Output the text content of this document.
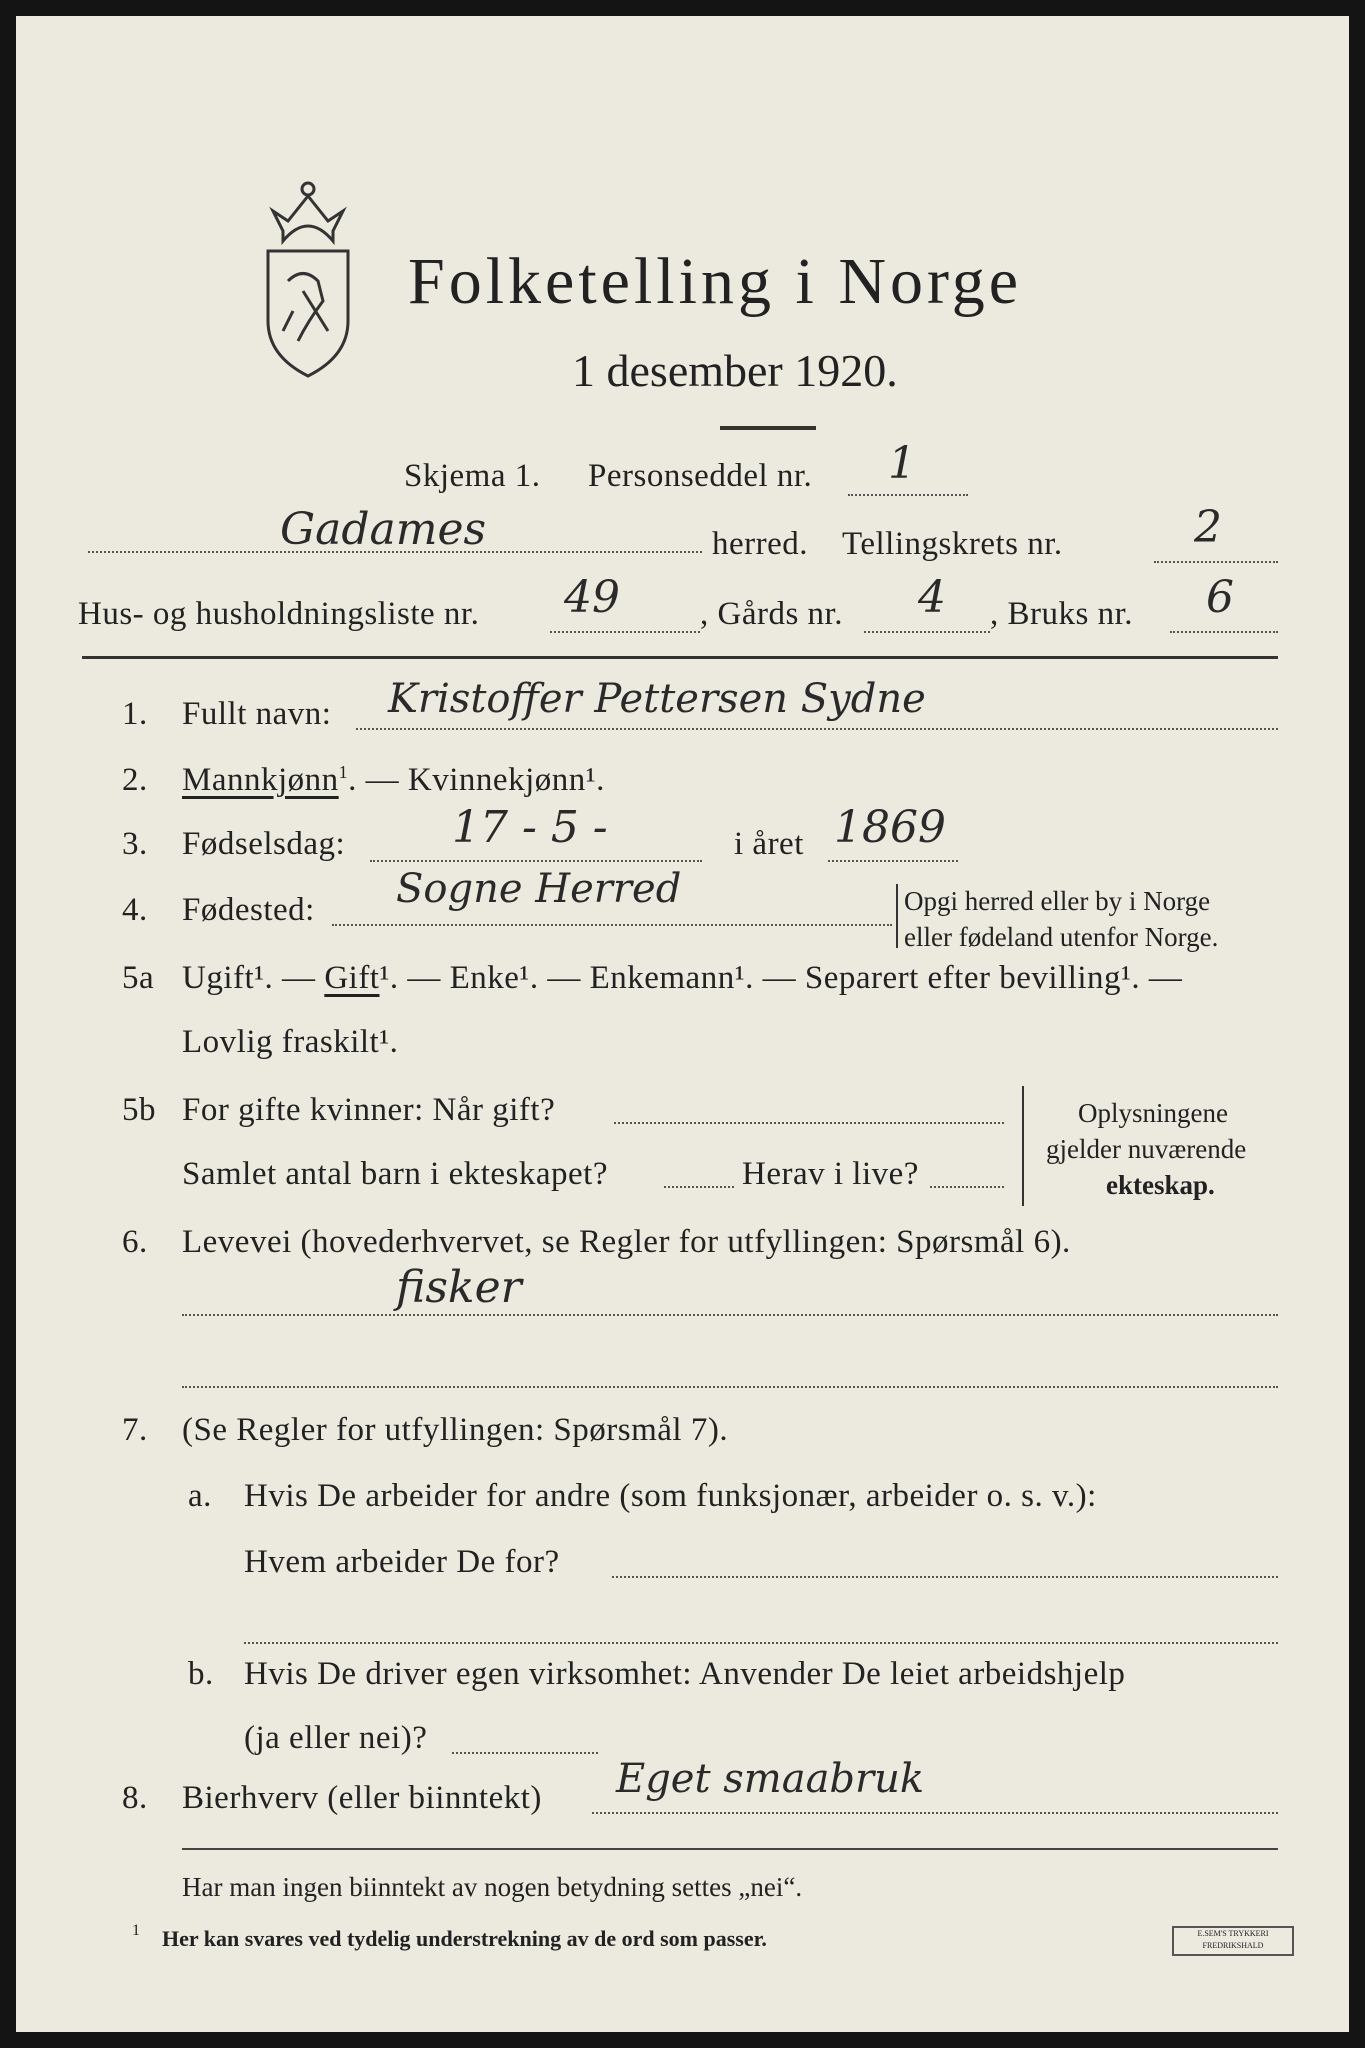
Folketelling i Norge
1 desember 1920.
Skjema 1. Personseddel nr. 1
Gadames	herred. Tellingskrets nr.	2
Hus- og husholdningsliste nr. 49 , Gårds nr. 4 , Bruks nr. 6
1. Fullt navn: Kristoffer Pettersen Sydne
2. Mannkjønn$^1$. — Kvinnekjønn¹.
3. Fødselsdag: 17 - 5 -	i året 1869
4. Fødested: Sogne Herred	Opgi herred eller by i Norge
eller fødeland utenfor Norge.
5a Ugift¹. — Gift¹. — Enke¹. — Enkemann¹. — Separert efter bevilling¹. —
Lovlig fraskilt¹.
5b For gifte kvinner: Når gift?
Samlet antal barn i ekteskapet?	Herav i live?
Oplysningene
gjelder nuværende
ekteskap.
6. Levevei (hovederhvervet, se Regler for utfyllingen: Spørsmål 6).
fisker
7. (Se Regler for utfyllingen: Spørsmål 7).
a. Hvis De arbeider for andre (som funksjonær, arbeider o. s. v.):
Hvem arbeider De for?
b. Hvis De driver egen virksomhet: Anvender De leiet arbeidshjelp
(ja eller nei)?
8. Bierhverv (eller biinntekt) Eget smaabruk
Har man ingen biinntekt av nogen betydning settes „nei“.
1 Her kan svares ved tydelig understrekning av de ord som passer.	E.SEM'S TRYKKERI FREDRIKSHALD
